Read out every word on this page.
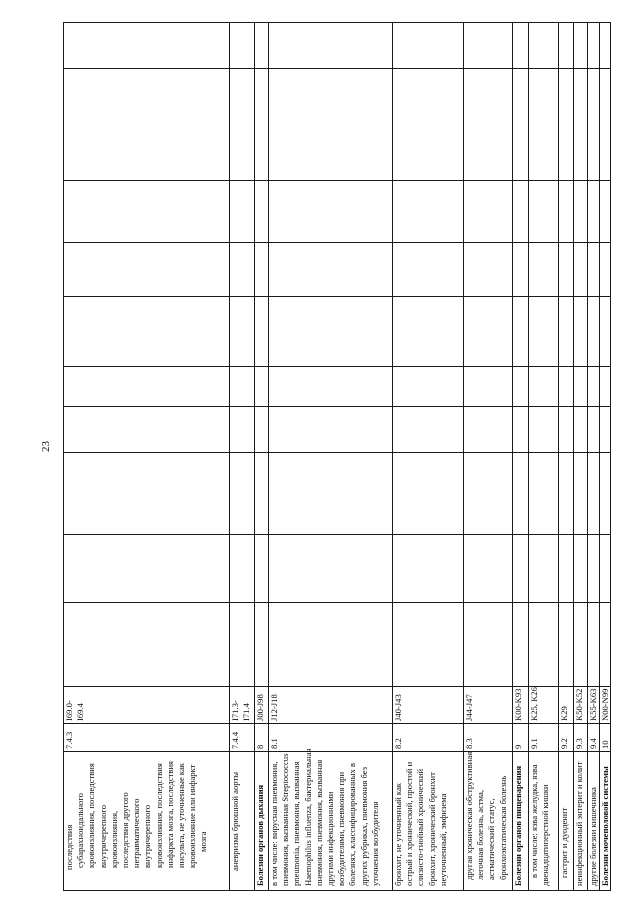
последствия субарахноидального кровоизлияния, последствия внутричерепного кровоизлияния, последствия другого нетравматического внутричерепного кровоизлияния, последствия инфаркта мозга, последствия инсульта, не уточненные как кровоизлияние или инфаркт мозга
7.4.3
I69.0- I69.4
аневризма брюшной аорты
7.4.4
I71.3- I71.4
Болезни органов дыхания
8
J00-J98
в том числе: вирусная пневмония, пневмония, вызванная Streptococcus pneumonia, пневмония, вызванная Haemophilus influenza, бактериальная пневмония, пневмония, вызванная другими инфекционными возбудителями, пневмония при болезнях, классифицированных в других рубриках, пневмония без уточнения возбудителя
8.1
J12-J18
бронхит, не уточненный как острый и хронический, простой и слизисто-гнойный хронический бронхит, хронический бронхит неуточненный, эмфизема
8.2
J40-J43
другая хроническая обструктивная легочная болезнь, астма, астматический статус, бронхоэктатическая болезнь
8.3
J44-J47
Болезни органов пищеварения
9
K00-K93
в том числе: язва желудка, язва двенадцатиперстной кишки
9.1
K25, K26
гастрит и дуоденит
9.2
K29
неинфекционный энтерит и колит
9.3
K50-K52
другие болезни кишечника
9.4
K55-K63
Болезни мочеполовой системы
10
N00-N99
23
